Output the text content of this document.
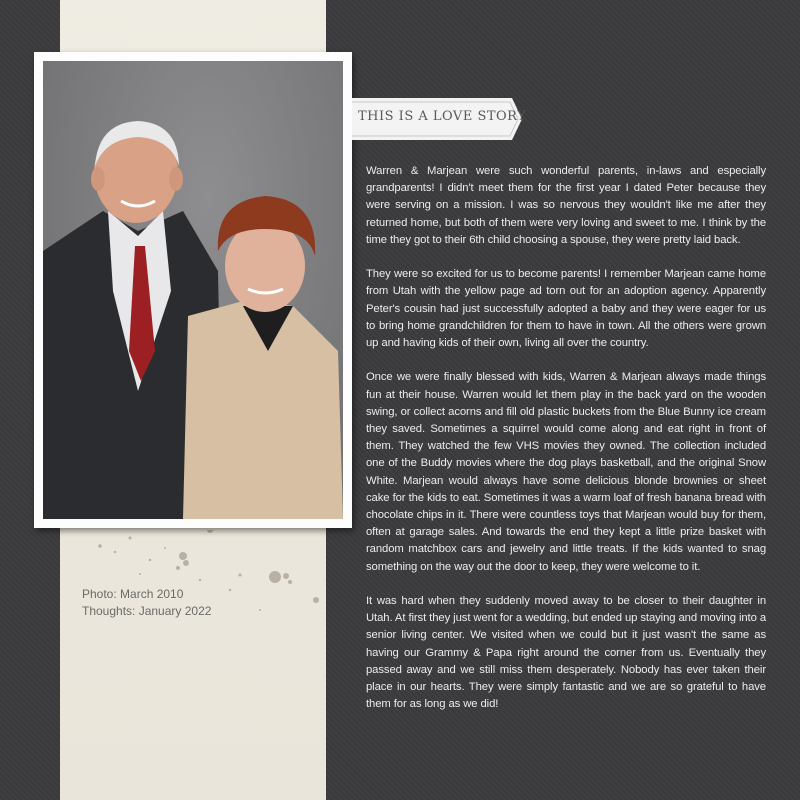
THIS IS A LOVE STORY

Warren & Marjean were such wonderful parents, in-laws and especially grandparents! I didn't meet them for the first year I dated Peter because they were serving on a mission. I was so nervous they wouldn't like me after they returned home, but both of them were very loving and sweet to me. I think by the time they got to their 6th child choosing a spouse, they were pretty laid back.

They were so excited for us to become parents! I remember Marjean came home from Utah with the yellow page ad torn out for an adoption agency. Apparently Peter's cousin had just successfully adopted a baby and they were eager for us to bring home grandchildren for them to have in town. All the others were grown up and having kids of their own, living all over the country.

Once we were finally blessed with kids, Warren & Marjean always made things fun at their house. Warren would let them play in the back yard on the wooden swing, or collect acorns and fill old plastic buckets from the Blue Bunny ice cream they saved. Sometimes a squirrel would come along and eat right in front of them. They watched the few VHS movies they owned. The collection included one of the Buddy movies where the dog plays basketball, and the original Snow White. Marjean would always have some delicious blonde brownies or sheet cake for the kids to eat. Sometimes it was a warm loaf of fresh banana bread with chocolate chips in it. There were countless toys that Marjean would buy for them, often at garage sales. And towards the end they kept a little prize basket with random matchbox cars and jewelry and little treats. If the kids wanted to snag something on the way out the door to keep, they were welcome to it.

It was hard when they suddenly moved away to be closer to their daughter in Utah. At first they just went for a wedding, but ended up staying and moving into a senior living center. We visited when we could but it just wasn't the same as having our Grammy & Papa right around the corner from us. Eventually they passed away and we still miss them desperately. Nobody has ever taken their place in our hearts. They were simply fantastic and we are so grateful to have them for as long as we did!

Photo: March 2010
Thoughts: January 2022
